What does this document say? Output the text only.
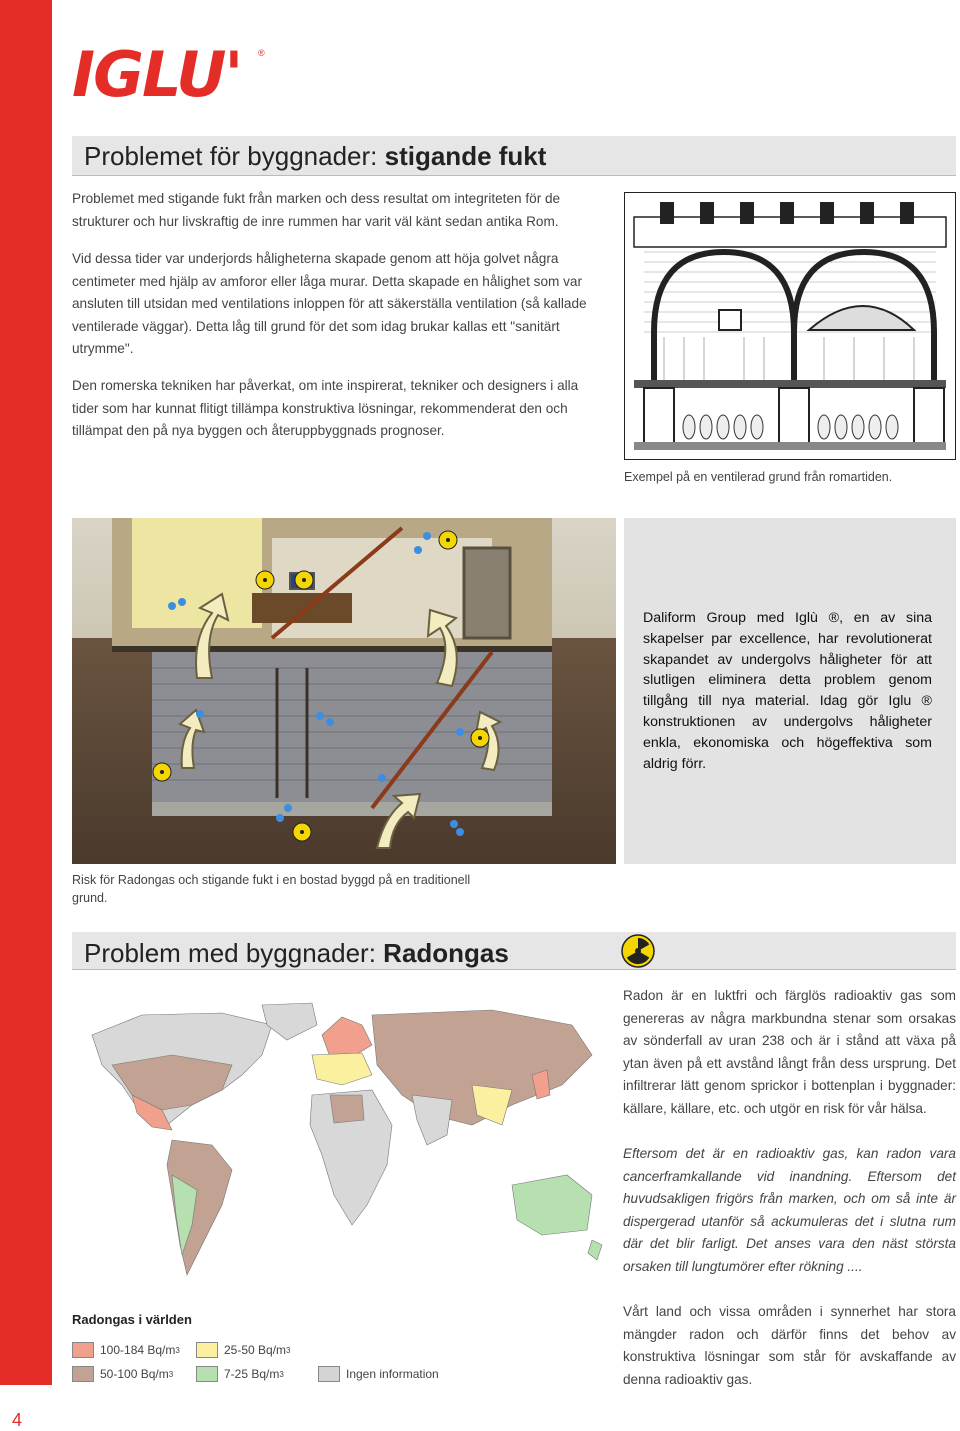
4
IGLU' ®
Problemet för byggnader: stigande fukt

Problemet med stigande fukt från marken och dess resultat om integriteten för de strukturer och hur livskraftig de inre rummen har varit väl känt sedan antika Rom.

Vid dessa tider var underjords håligheterna skapade genom att höja golvet några centimeter med hjälp av amforor eller låga murar. Detta skapade en hålighet som var ansluten till utsidan med ventilations inloppen för att säkerställa ventilation (så kallade ventilerade väggar). Detta låg till grund för det som idag brukar kallas ett "sanitärt utrymme".

Den romerska tekniken har påverkat, om inte inspirerat, tekniker och designers i alla tider som har kunnat flitigt tillämpa konstruktiva lösningar, rekommenderat den och tillämpat den på nya byggen och återuppbyggnads prognoser.

Exempel på en ventilerad grund från romartiden.

Risk för Radongas och stigande fukt i en bostad byggd på en traditionell grund.

Daliform Group med Iglù ®, en av sina skapelser par excellence, har revolutionerat skapandet av undergolvs håligheter för att slutligen eliminera detta problem genom tillgång till nya material. Idag gör Iglu ® konstruktionen av undergolvs håligheter enkla, ekonomiska och högeffektiva som aldrig förr.

Problem med byggnader: Radongas

Radon är en luktfri och färglös radioaktiv gas som genereras av några markbundna stenar som orsakas av sönderfall av uran 238 och är i stånd att växa på ytan även på ett avstånd långt från dess ursprung. Det infiltrerar lätt genom sprickor i bottenplan i byggnader: källare, källare, etc. och utgör en risk för vår hälsa.

Eftersom det är en radioaktiv gas, kan radon vara cancerframkallande vid inandning. Eftersom det huvudsakligen frigörs från marken, och om så inte är dispergerad utanför så ackumuleras det i slutna rum där det blir farligt. Det anses vara den näst största orsaken till lungtumörer efter rökning ....

Vårt land och vissa områden i synnerhet har stora mängder radon och därför finns det behov av konstruktiva lösningar som står för avskaffande av denna radioaktiv gas.

Radongas i världen
100-184 Bq/m 3	25-50 Bq/m 3
50-100 Bq/m 3	7-25 Bq/m 3	Ingen information
